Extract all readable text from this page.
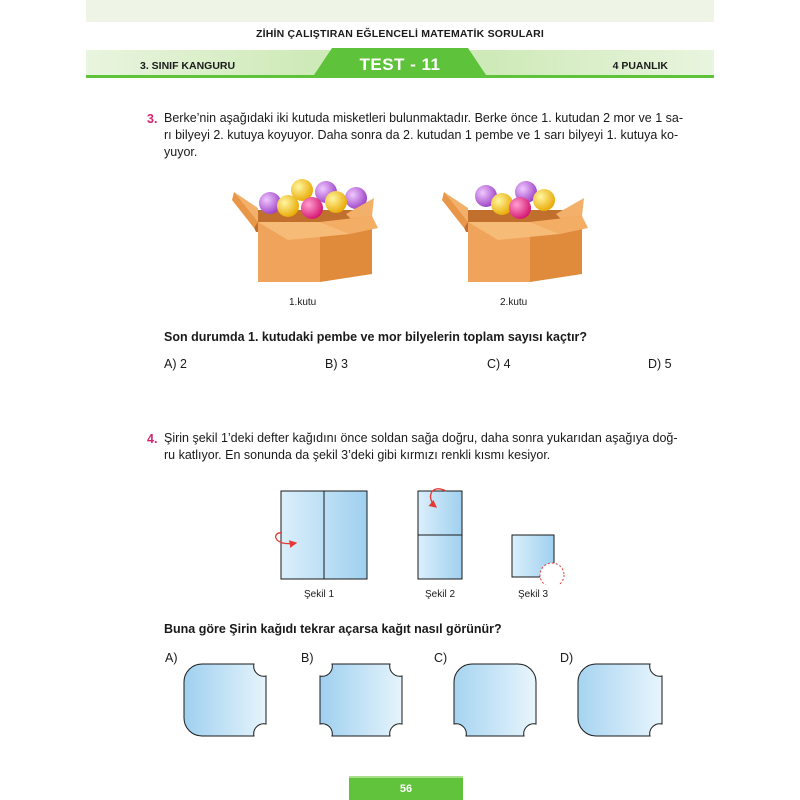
ZİHİN ÇALIŞTIRAN EĞLENCELİ MATEMATİK SORULARI
3. SINIF KANGURU	TEST - 11	4 PUANLIK
3. Berke’nin aşağıdaki iki kutuda misketleri bulunmaktadır. Berke önce 1. kutudan 2 mor ve 1 sa-
rı bilyeyi 2. kutuya koyuyor. Daha sonra da 2. kutudan 1 pembe ve 1 sarı bilyeyi 1. kutuya ko-
yuyor.
1.kutu	2.kutu
Son durumda 1. kutudaki pembe ve mor bilyelerin toplam sayısı kaçtır?
A) 2	B) 3	C) 4	D) 5
4. Şirin şekil 1’deki defter kağıdını önce soldan sağa doğru, daha sonra yukarıdan aşağıya doğ-
ru katlıyor. En sonunda da şekil 3’deki gibi kırmızı renkli kısmı kesiyor.
Şekil 1	Şekil 2	Şekil 3
Buna göre Şirin kağıdı tekrar açarsa kağıt nasıl görünür?
A)	B)	C)	D)
56
